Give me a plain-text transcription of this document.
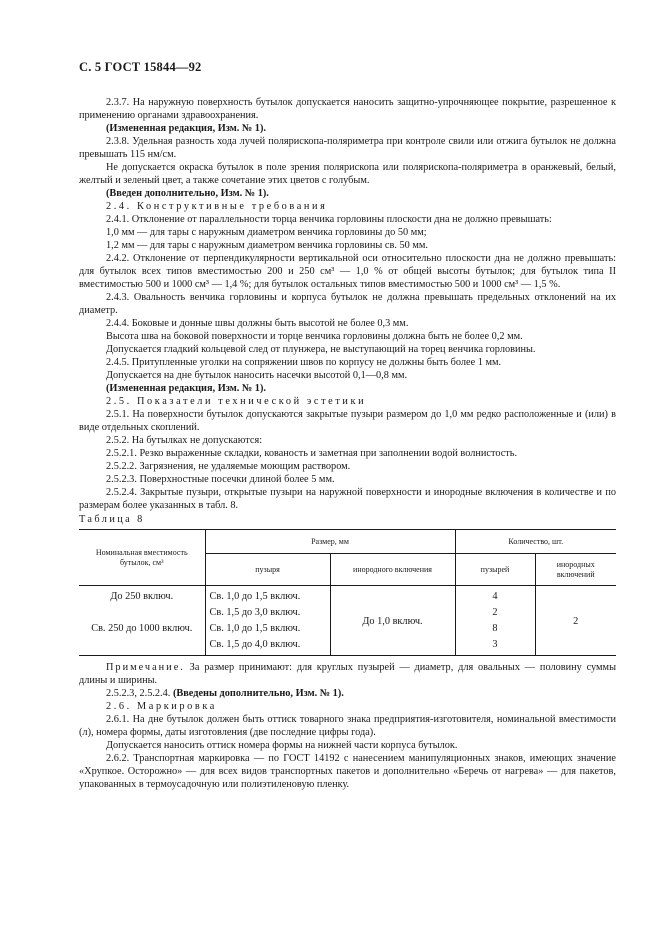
С. 5 ГОСТ 15844—92

2.3.7. На наружную поверхность бутылок допускается наносить защитно-упрочняющее покрытие, разрешенное к применению органами здравоохранения.

(Измененная редакция, Изм. № 1).

2.3.8. Удельная разность хода лучей полярископа-поляриметра при контроле свили или отжига бутылок не должна превышать 115 нм/см.

Не допускается окраска бутылок в поле зрения полярископа или полярископа-поляриметра в оранжевый, белый, желтый и зеленый цвет, а также сочетание этих цветов с голубым.

(Введен дополнительно, Изм. № 1).

2.4. Конструктивные требования

2.4.1. Отклонение от параллельности торца венчика горловины плоскости дна не должно превышать:

1,0 мм — для тары с наружным диаметром венчика горловины до 50 мм;

1,2 мм — для тары с наружным диаметром венчика горловины св. 50 мм.

2.4.2. Отклонение от перпендикулярности вертикальной оси относительно плоскости дна не должно превышать: для бутылок всех типов вместимостью 200 и 250 см³ — 1,0 % от общей высоты бутылок; для бутылок типа II вместимостью 500 и 1000 см³ — 1,4 %; для бутылок остальных типов вместимостью 500 и 1000 см³ — 1,5 %.

2.4.3. Овальность венчика горловины и корпуса бутылок не должна превышать предельных отклонений на их диаметр.

2.4.4. Боковые и донные швы должны быть высотой не более 0,3 мм.

Высота шва на боковой поверхности и торце венчика горловины должна быть не более 0,2 мм.

Допускается гладкий кольцевой след от плунжера, не выступающий на торец венчика горловины.

2.4.5. Притупленные уголки на сопряжении швов по корпусу не должны быть более 1 мм.

Допускается на дне бутылок наносить насечки высотой 0,1—0,8 мм.

(Измененная редакция, Изм. № 1).

2.5. Показатели технической эстетики

2.5.1. На поверхности бутылок допускаются закрытые пузыри размером до 1,0 мм редко расположенные и (или) в виде отдельных скоплений.

2.5.2. На бутылках не допускаются:

2.5.2.1. Резко выраженные складки, кованость и заметная при заполнении водой волнистость.

2.5.2.2. Загрязнения, не удаляемые моющим раствором.

2.5.2.3. Поверхностные посечки длиной более 5 мм.

2.5.2.4. Закрытые пузыри, открытые пузыри на наружной поверхности и инородные включения в количестве и по размерам более указанных в табл. 8.

Таблица 8

Номинальная вместимость бутылок, см³	Размер, мм		Количество, шт.	
	пузыря	инородного включения	пузырей	инородных включений
До 250 включ.	Св. 1,0 до 1,5 включ.	До 1,0 включ.	4	2
	Св. 1,5 до 3,0 включ.		2	
Св. 250 до 1000 включ.	Св. 1,0 до 1,5 включ.		8	
	Св. 1,5 до 4,0 включ.		3	

Примечание. За размер принимают: для круглых пузырей — диаметр, для овальных — половину суммы длины и ширины.

2.5.2.3, 2.5.2.4. (Введены дополнительно, Изм. № 1).

2.6. Маркировка

2.6.1. На дне бутылок должен быть оттиск товарного знака предприятия-изготовителя, номинальной вместимости (л), номера формы, даты изготовления (две последние цифры года).

Допускается наносить оттиск номера формы на нижней части корпуса бутылок.

2.6.2. Транспортная маркировка — по ГОСТ 14192 с нанесением манипуляционных знаков, имеющих значение «Хрупкое. Осторожно» — для всех видов транспортных пакетов и дополнительно «Беречь от нагрева» — для пакетов, упакованных в термоусадочную или полиэтиленовую пленку.
